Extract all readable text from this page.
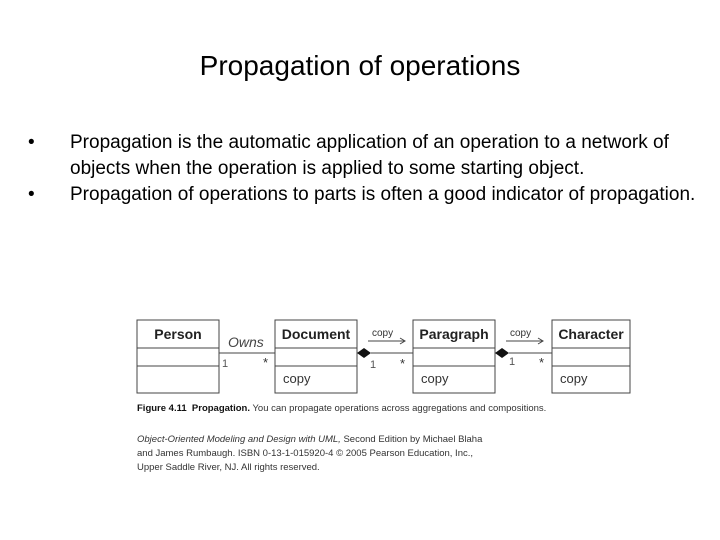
Propagation of operations
• Propagation is the automatic application of an operation to a network of objects when the operation is applied to some starting object.
• Propagation of operations to parts is often a good indicator of propagation.
Person	Document	Paragraph	Character
copy	copy	copy
Owns
copy	copy
1	*	1 *	1 *
Figure 4.11 Propagation. You can propagate operations across aggregations and compositions.
Object-Oriented Modeling and Design with UML, Second Edition by Michael Blaha
and James Rumbaugh. ISBN 0-13-1-015920-4 © 2005 Pearson Education, Inc.,
Upper Saddle River, NJ. All rights reserved.
